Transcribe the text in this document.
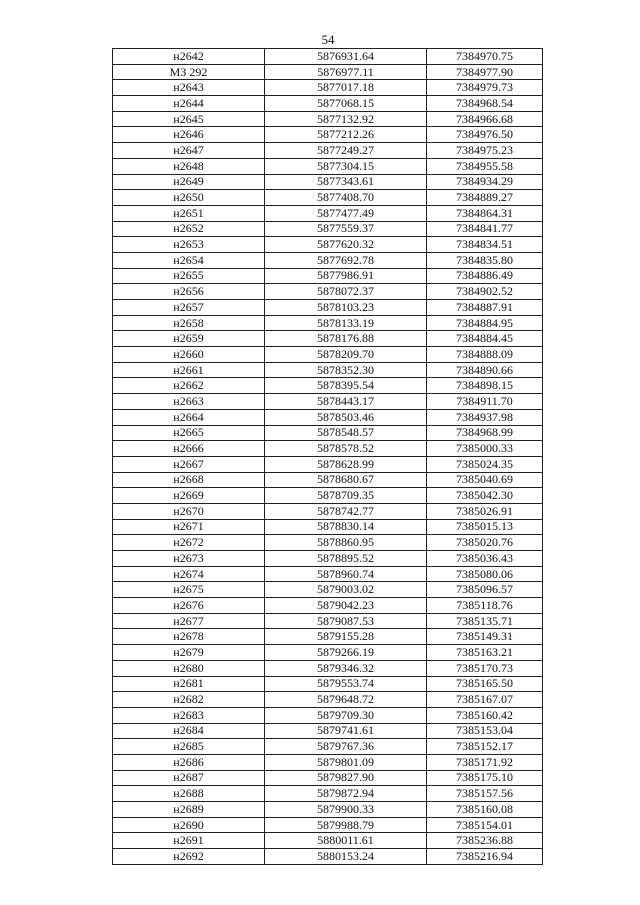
54
н2642	5876931.64	7384970.75
МЗ 292	5876977.11	7384977.90
н2643	5877017.18	7384979.73
н2644	5877068.15	7384968.54
н2645	5877132.92	7384966.68
н2646	5877212.26	7384976.50
н2647	5877249.27	7384975.23
н2648	5877304.15	7384955.58
н2649	5877343.61	7384934.29
н2650	5877408.70	7384889.27
н2651	5877477.49	7384864.31
н2652	5877559.37	7384841.77
н2653	5877620.32	7384834.51
н2654	5877692.78	7384835.80
н2655	5877986.91	7384886.49
н2656	5878072.37	7384902.52
н2657	5878103.23	7384887.91
н2658	5878133.19	7384884.95
н2659	5878176.88	7384884.45
н2660	5878209.70	7384888.09
н2661	5878352.30	7384890.66
н2662	5878395.54	7384898.15
н2663	5878443.17	7384911.70
н2664	5878503.46	7384937.98
н2665	5878548.57	7384968.99
н2666	5878578.52	7385000.33
н2667	5878628.99	7385024.35
н2668	5878680.67	7385040.69
н2669	5878709.35	7385042.30
н2670	5878742.77	7385026.91
н2671	5878830.14	7385015.13
н2672	5878860.95	7385020.76
н2673	5878895.52	7385036.43
н2674	5878960.74	7385080.06
н2675	5879003.02	7385096.57
н2676	5879042.23	7385118.76
н2677	5879087.53	7385135.71
н2678	5879155.28	7385149.31
н2679	5879266.19	7385163.21
н2680	5879346.32	7385170.73
н2681	5879553.74	7385165.50
н2682	5879648.72	7385167.07
н2683	5879709.30	7385160.42
н2684	5879741.61	7385153.04
н2685	5879767.36	7385152.17
н2686	5879801.09	7385171.92
н2687	5879827.90	7385175.10
н2688	5879872.94	7385157.56
н2689	5879900.33	7385160.08
н2690	5879988.79	7385154.01
н2691	5880011.61	7385236.88
н2692	5880153.24	7385216.94
